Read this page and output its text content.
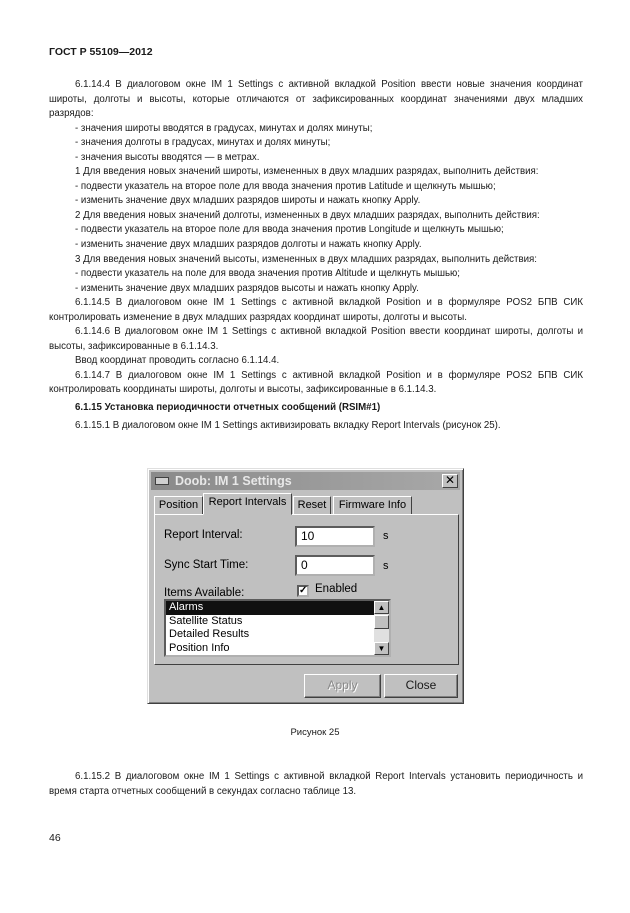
ГОСТ Р 55109—2012

6.1.14.4 В диалоговом окне IM 1 Settings с активной вкладкой Position ввести новые значения координат широты, долготы и высоты, которые отличаются от зафиксированных координат значениями двух младших разрядов:

- значения широты вводятся в градусах, минутах и долях минуты;

- значения долготы в градусах, минутах и долях минуты;

- значения высоты вводятся — в метрах.

1 Для введения новых значений широты, измененных в двух младших разрядах, выполнить действия:

- подвести указатель на второе поле для ввода значения против Latitude и щелкнуть мышью;

- изменить значение двух младших разрядов широты и нажать кнопку Apply.

2 Для введения новых значений долготы, измененных в двух младших разрядах, выполнить действия:

- подвести указатель на второе поле для ввода значения против Longitude и щелкнуть мышью;

- изменить значение двух младших разрядов долготы и нажать кнопку Apply.

3 Для введения новых значений высоты, измененных в двух младших разрядах, выполнить действия:

- подвести указатель на поле для ввода значения против Altitude и щелкнуть мышью;

- изменить значение двух младших разрядов высоты и нажать кнопку Apply.

6.1.14.5 В диалоговом окне IM 1 Settings с активной вкладкой Position и в формуляре POS2 БПВ СИК контролировать изменение в двух младших разрядах координат широты, долготы и высоты.

6.1.14.6 В диалоговом окне IM 1 Settings с активной вкладкой Position ввести координат широты, долготы и высоты, зафиксированные в 6.1.14.3.

Ввод координат проводить согласно 6.1.14.4.

6.1.14.7 В диалоговом окне IM 1 Settings с активной вкладкой Position и в формуляре POS2 БПВ СИК контролировать координаты широты, долготы и высоты, зафиксированные в 6.1.14.3.

6.1.15 Установка периодичности отчетных сообщений (RSIM#1)

6.1.15.1 В диалоговом окне IM 1 Settings активизировать вкладку Report Intervals (рисунок 25).

Doob: IM 1 Settings	✕
Position Report Intervals	Reset	Firmware Info
Report Interval:	10	s
Sync Start Time:	0	s
Items Available:	✓ Enabled
Alarms
Satellite Status
Detailed Results
Position Info
▲
▼
Apply	Close
Рисунок 25

6.1.15.2 В диалоговом окне IM 1 Settings с активной вкладкой Report Intervals установить периодичность и время старта отчетных сообщений в секундах согласно таблице 13.

46
